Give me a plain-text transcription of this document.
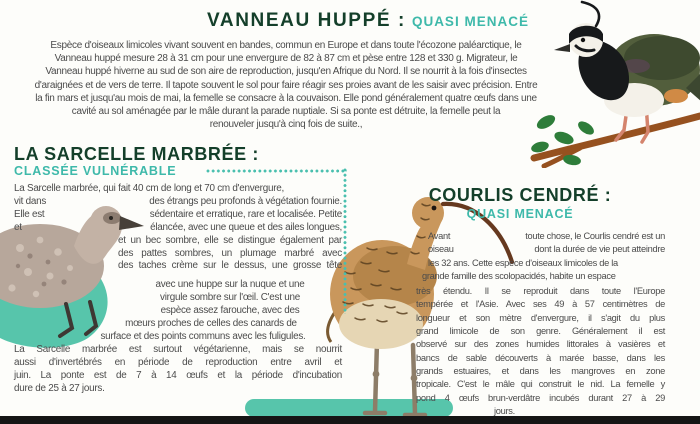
VANNEAU HUPPÉ : QUASI MENACÉ
Espèce d'oiseaux limicoles vivant souvent en bandes, commun en Europe et dans toute l'écozone paléarctique, le
Vanneau huppé mesure 28 à 31 cm pour une envergure de 82 à 87 cm et pèse entre 128 et 330 g. Migrateur, le
Vanneau huppé hiverne au sud de son aire de reproduction, jusqu'en Afrique du Nord. Il se nourrit à la fois d'insectes
d'araignées et de vers de terre. Il tapote souvent le sol pour faire réagir ses proies avant de les saisir avec précision. Entre
la fin mars et jusqu'au mois de mai, la femelle se consacre à la couvaison. Elle pond généralement quatre œufs dans une
cavité au sol aménagée par le mâle durant la parade nuptiale. Si sa ponte est détruite, la femelle peut la
renouveler jusqu'à cinq fois de suite.,
LA SARCELLE MARBRÉE :
CLASSÉE VULNÉRABLE
La Sarcelle marbrée, qui fait 40 cm de long et 70 cm d'envergure,
vit dans	des étrangs peu profonds à végétation fournie.
Elle est	sédentaire et erratique, rare et localisée. Petite
et	élancée, avec une queue et des ailes longues,
et un bec sombre, elle se distingue également par
des pattes sombres, un plumage marbré avec
des taches crème sur le dessus, une grosse tête
avec une huppe sur la nuque et une
virgule sombre sur l'œil. C'est une
espèce assez farouche, avec des
mœurs proches de celles des canards de
surface et des points communs avec les fuligules.
La Sarcelle marbrée est surtout végétarienne, mais se nourrit
aussi d'invertébrés en période de reproduction entre avril et
juin. La ponte est de 7 à 14 œufs et la période d'incubation
dure de 25 à 27 jours.
COURLIS CENDRÉ :
QUASI MENACÉ
Avant	toute chose, le Courlis cendré est un
oiseau	dont la durée de vie peut atteindre
les 32 ans. Cette espèce d'oiseaux limicoles de la
grande famille des scolopacidés, habite un espace
très étendu. Il se reproduit dans toute l'Europe
tempérée et l'Asie. Avec ses 49 à 57 centimètres de
longueur et son mètre d'envergure, il s'agit du plus
grand limicole de son genre. Généralement il est
observé sur des zones humides littorales à vasières et
bancs de sable découverts à marée basse, dans les
grands estuaires, et dans les mangroves en zone
tropicale. C'est le mâle qui construit le nid. La femelle y
pond 4 œufs brun-verdâtre incubés durant 27 à 29
jours.
